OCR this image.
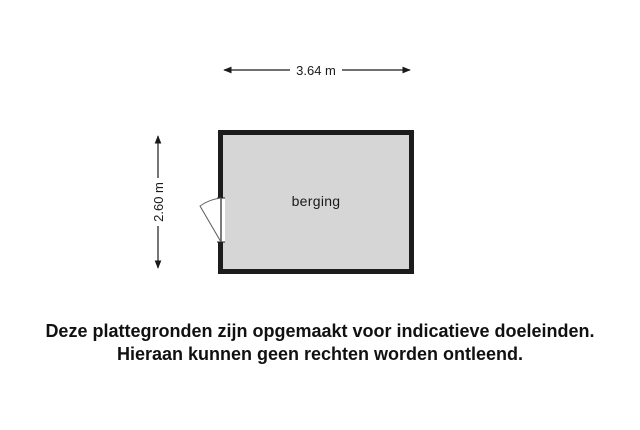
3.64 m
2.60 m	berging
Deze plattegronden zijn opgemaakt voor indicatieve doeleinden.
Hieraan kunnen geen rechten worden ontleend.
